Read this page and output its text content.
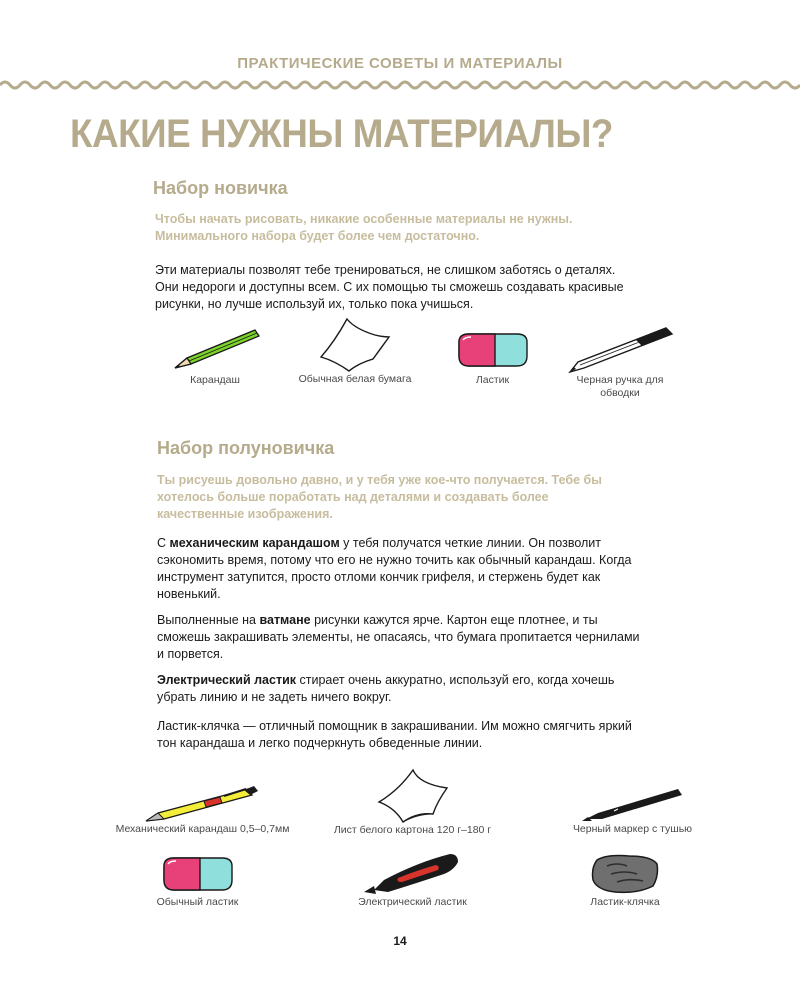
ПРАКТИЧЕСКИЕ СОВЕТЫ И МАТЕРИАЛЫ
КАКИЕ НУЖНЫ МАТЕРИАЛЫ?
Набор новичка
Чтобы начать рисовать, никакие особенные материалы не нужны. Минимального набора будет более чем достаточно.
Эти материалы позволят тебе тренироваться, не слишком заботясь о деталях. Они недороги и доступны всем. С их помощью ты сможешь создавать красивые рисунки, но лучше используй их, только пока учишься.
Карандаш	Обычная белая бумага	Ластик	Черная ручка для обводки
Набор полуновичка
Ты рисуешь довольно давно, и у тебя уже кое-что получается. Тебе бы хотелось больше поработать над деталями и создавать более качественные изображения.
С механическим карандашом у тебя получатся четкие линии. Он позволит сэкономить время, потому что его не нужно точить как обычный карандаш. Когда инструмент затупится, просто отломи кончик грифеля, и стержень будет как новенький.
Выполненные на ватмане рисунки кажутся ярче. Картон еще плотнее, и ты сможешь закрашивать элементы, не опасаясь, что бумага пропитается чернилами и порвется.
Электрический ластик стирает очень аккуратно, используй его, когда хочешь убрать линию и не задеть ничего вокруг.
Ластик-клячка — отличный помощник в закрашивании. Им можно смягчить яркий тон карандаша и легко подчеркнуть обведенные линии.
Механический карандаш 0,5–0,7мм	Лист белого картона 120 г–180 г	Черный маркер с тушью
Обычный ластик	Электрический ластик	Ластик-клячка
14
